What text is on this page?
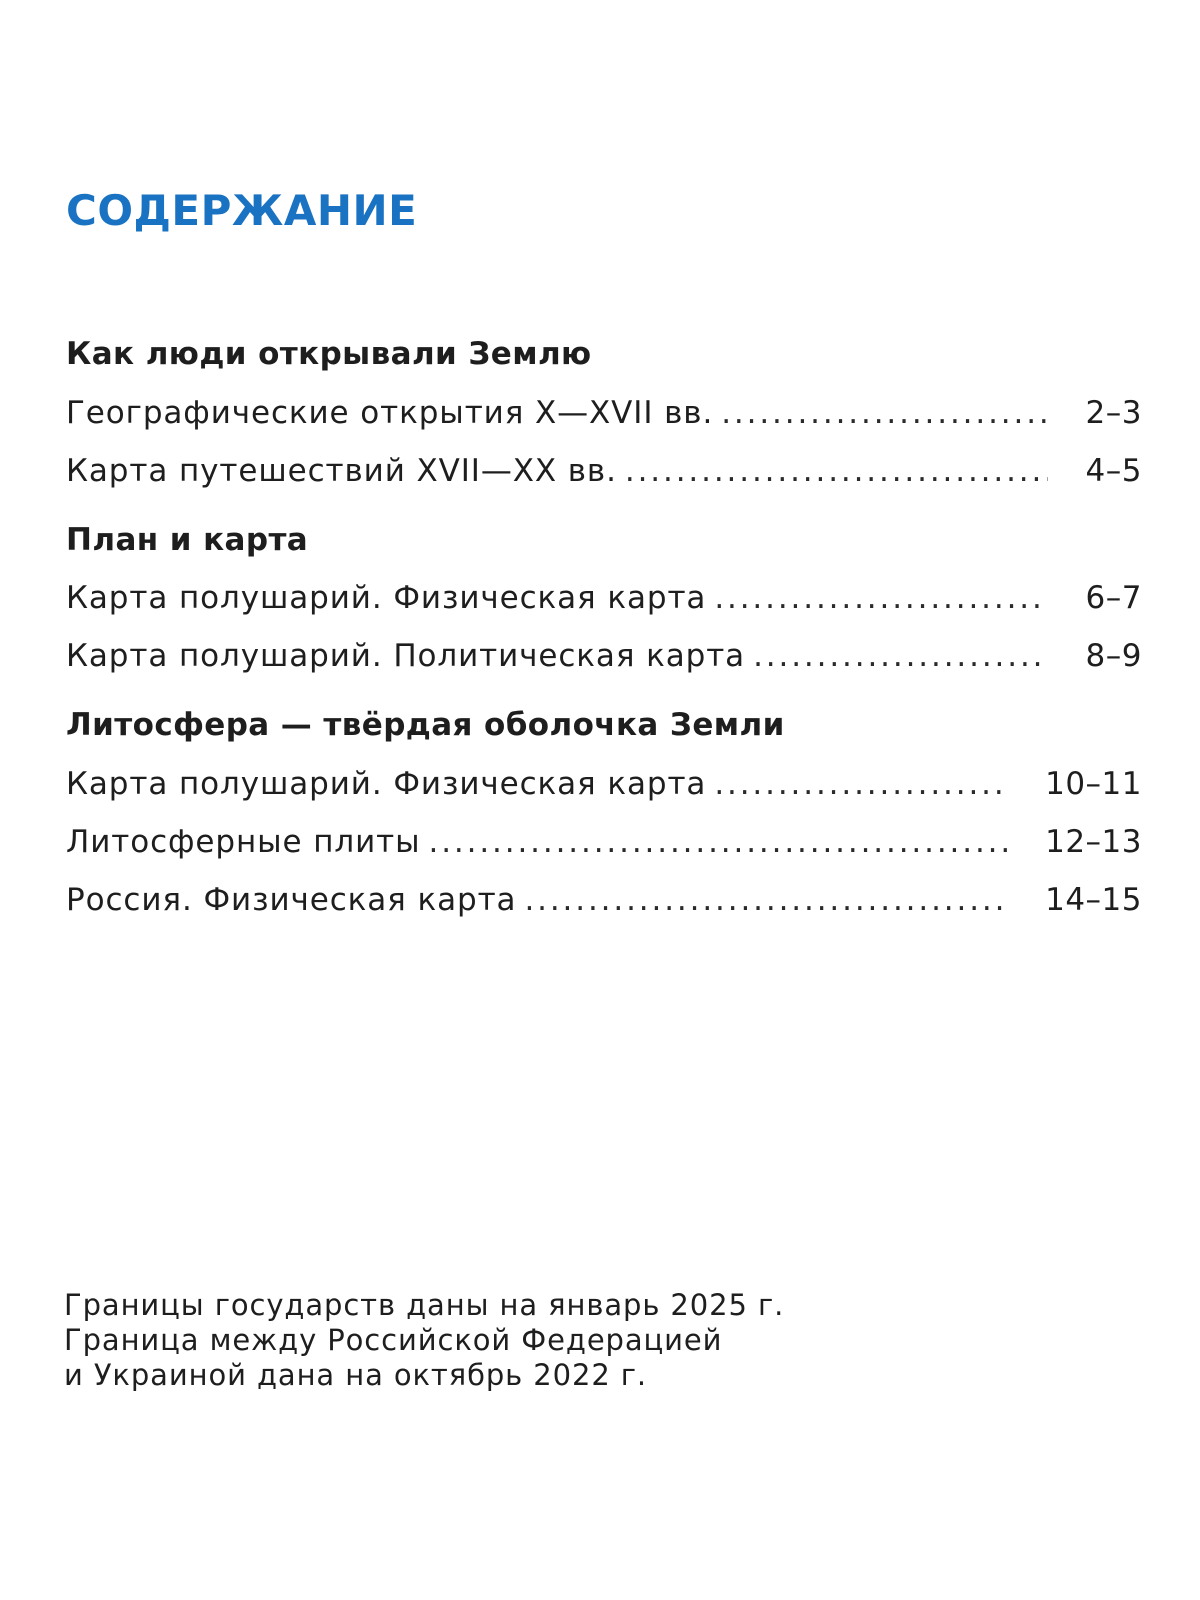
СОДЕРЖАНИЕ
Как люди открывали Землю
Географические открытия X—XVII вв. . . .	2–3
Карта путешествий XVII—XX вв. . . .	4–5
План и карта
Карта полушарий. Физическая карта . . .	6–7
Карта полушарий. Политическая карта . . .	8–9
Литосфера — твёрдая оболочка Земли
Карта полушарий. Физическая карта . . .	10–11
Литосферные плиты . . .	12–13
Россия. Физическая карта . . .	14–15
Границы государств даны на январь 2025 г.
Граница между Российской Федерацией
и Украиной дана на октябрь 2022 г.
